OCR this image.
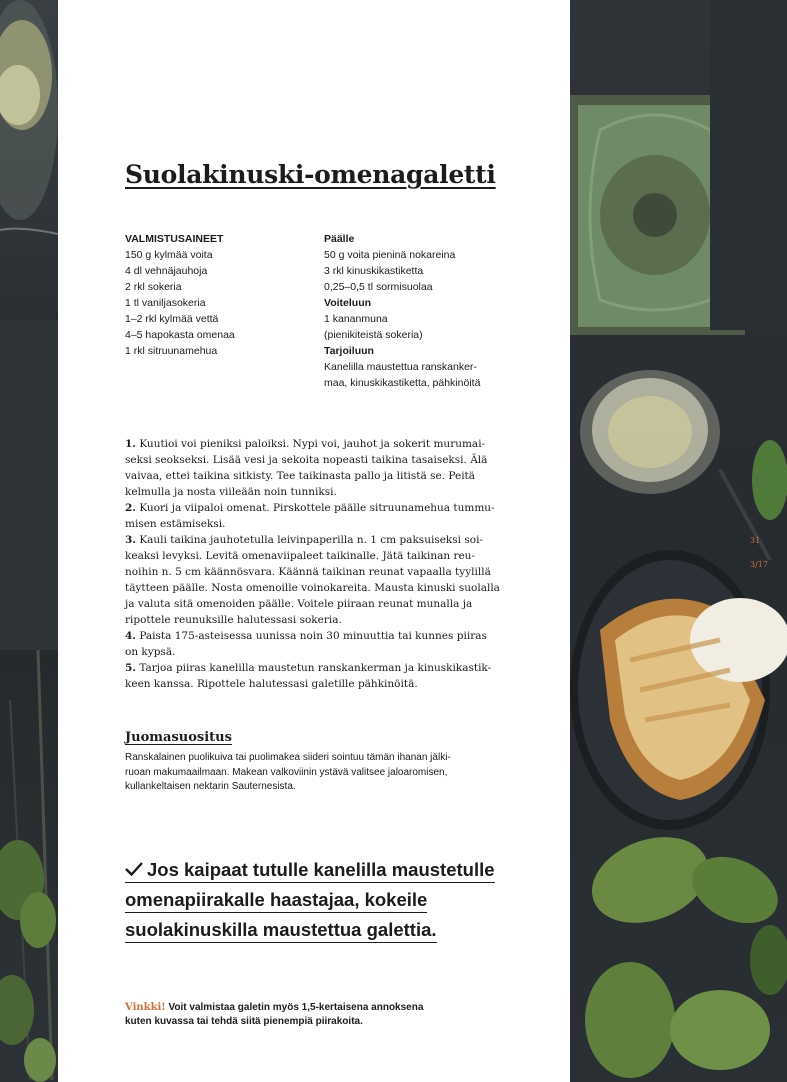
31
3/17
Suolakinuski-omenagaletti
VALMISTUSAINEET
150 g kylmää voita
4 dl vehnäjauhoja
2 rkl sokeria
1 tl vaniljasokeria
1–2 rkl kylmää vettä
4–5 hapokasta omenaa
1 rkl sitruunamehua
Päälle
50 g voita pieninä nokareina
3 rkl kinuskikastiketta
0,25–0,5 tl sormisuolaa
Voiteluun
1 kananmuna
(pienikiteistä sokeria)
Tarjoiluun
Kanelilla maustettua ranskanker-
maa, kinuskikastiketta, pähkinöitä
1. Kuutioi voi pieniksi paloiksi. Nypi voi, jauhot ja sokerit murumai-
seksi seokseksi. Lisää vesi ja sekoita nopeasti taikina tasaiseksi. Älä
vaivaa, ettei taikina sitkisty. Tee taikinasta pallo ja litistä se. Peitä
kelmulla ja nosta viileään noin tunniksi.
2. Kuori ja viipaloi omenat. Pirskottele päälle sitruunamehua tummu-
misen estämiseksi.
3. Kauli taikina jauhotetulla leivinpaperilla n. 1 cm paksuiseksi soi-
keaksi levyksi. Levitä omenaviipaleet taikinalle. Jätä taikinan reu-
noihin n. 5 cm käännösvara. Käännä taikinan reunat vapaalla tyylillä
täytteen päälle. Nosta omenoille voinokareita. Mausta kinuski suolalla
ja valuta sitä omenoiden päälle. Voitele piiraan reunat munalla ja
ripottele reunuksille halutessasi sokeria.
4. Paista 175-asteisessa uunissa noin 30 minuuttia tai kunnes piiras
on kypsä.
5. Tarjoa piiras kanelilla maustetun ranskankerman ja kinuskikastik-
keen kanssa. Ripottele halutessasi galetille pähkinöitä.
Juomasuositus
Ranskalainen puolikuiva tai puolimakea siideri sointuu tämän ihanan jälki-
ruoan makumaailmaan. Makean valkoviinin ystävä valitsee jaloaromisen,
kullankeltaisen nektarin Sauternesista.
Jos kaipaat tutulle kanelilla maustetulle
omenapiirakalle haastajaa, kokeile
suolakinuskilla maustettua galettia.
Vinkki! Voit valmistaa galetin myös 1,5-kertaisena annoksena
kuten kuvassa tai tehdä siitä pienempiä piirakoita.
